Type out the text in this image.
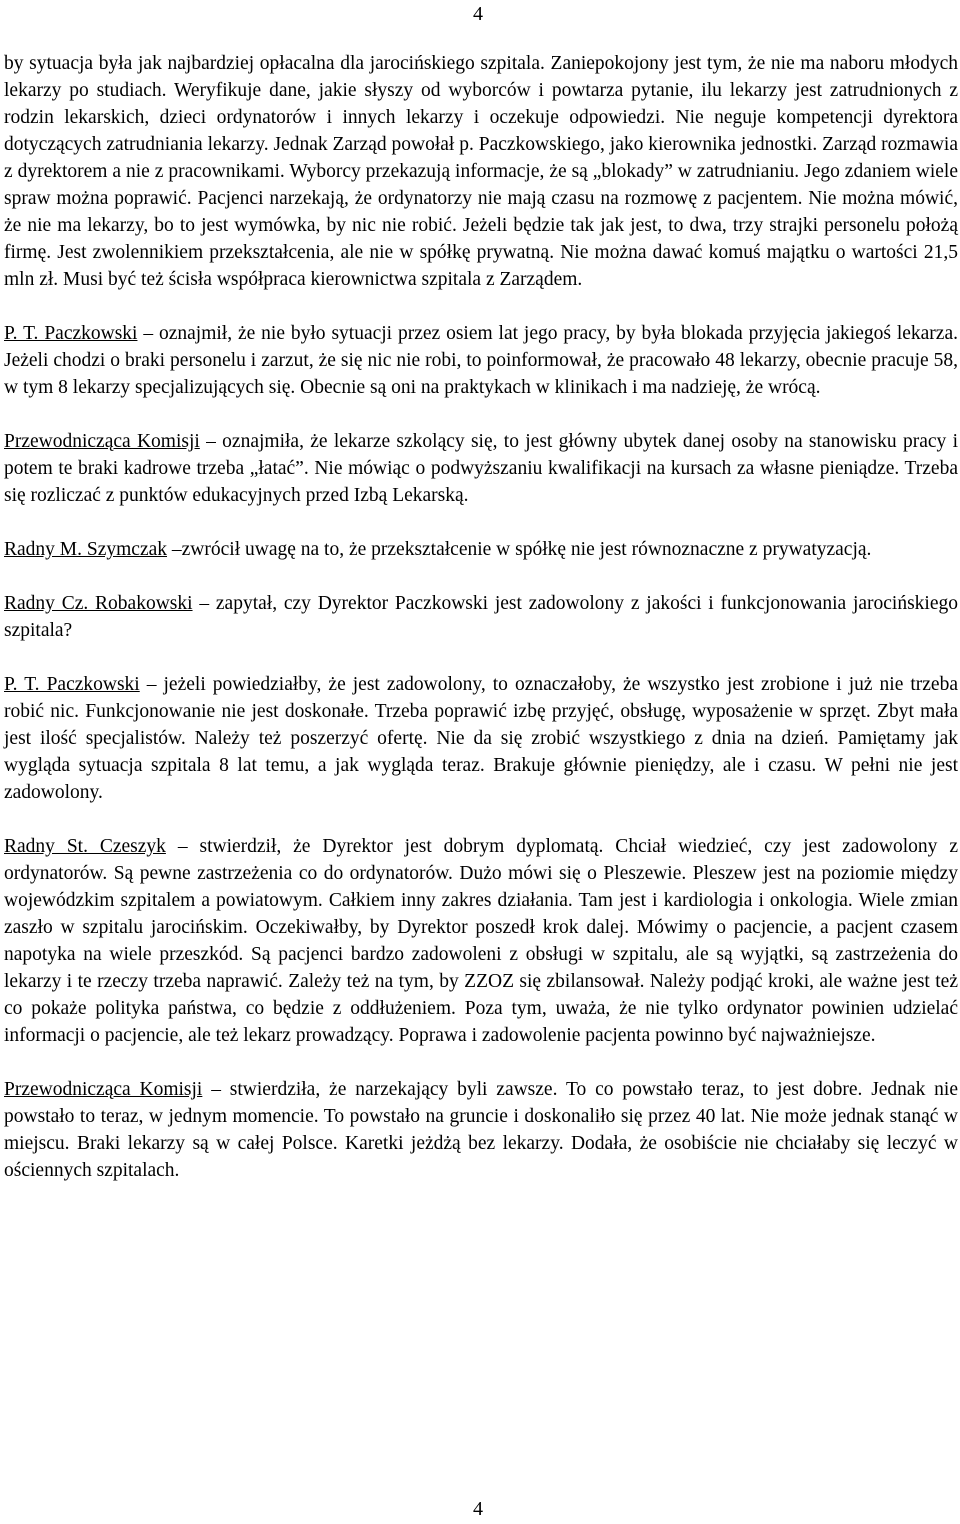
4

by sytuacja była jak najbardziej opłacalna dla jarocińskiego szpitala. Zaniepokojony jest tym, że nie ma naboru młodych lekarzy po studiach. Weryfikuje dane, jakie słyszy od wyborców i powtarza pytanie, ilu lekarzy jest zatrudnionych z rodzin lekarskich, dzieci ordynatorów i innych lekarzy i oczekuje odpowiedzi. Nie neguje kompetencji dyrektora dotyczących zatrudniania lekarzy. Jednak Zarząd powołał p. Paczkowskiego, jako kierownika jednostki. Zarząd rozmawia z dyrektorem a nie z pracownikami. Wyborcy przekazują informacje, że są „blokady” w zatrudnianiu. Jego zdaniem wiele spraw można poprawić. Pacjenci narzekają, że ordynatorzy nie mają czasu na rozmowę z pacjentem. Nie można mówić, że nie ma lekarzy, bo to jest wymówka, by nic nie robić. Jeżeli będzie tak jak jest, to dwa, trzy strajki personelu położą firmę. Jest zwolennikiem przekształcenia, ale nie w spółkę prywatną. Nie można dawać komuś majątku o wartości 21,5 mln zł. Musi być też ścisła współpraca kierownictwa szpitala z Zarządem.

P. T. Paczkowski – oznajmił, że nie było sytuacji przez osiem lat jego pracy, by była blokada przyjęcia jakiegoś lekarza. Jeżeli chodzi o braki personelu i zarzut, że się nic nie robi, to poinformował, że pracowało 48 lekarzy, obecnie pracuje 58, w tym 8 lekarzy specjalizujących się. Obecnie są oni na praktykach w klinikach i ma nadzieję, że wrócą.

Przewodnicząca Komisji – oznajmiła, że lekarze szkolący się, to jest główny ubytek danej osoby na stanowisku pracy i potem te braki kadrowe trzeba „łatać”. Nie mówiąc o podwyższaniu kwalifikacji na kursach za własne pieniądze. Trzeba się rozliczać z punktów edukacyjnych przed Izbą Lekarską.

Radny M. Szymczak –zwrócił uwagę na to, że przekształcenie w spółkę nie jest równoznaczne z prywatyzacją.

Radny Cz. Robakowski – zapytał, czy Dyrektor Paczkowski jest zadowolony z jakości i funkcjonowania jarocińskiego szpitala?

P. T. Paczkowski – jeżeli powiedziałby, że jest zadowolony, to oznaczałoby, że wszystko jest zrobione i już nie trzeba robić nic. Funkcjonowanie nie jest doskonałe. Trzeba poprawić izbę przyjęć, obsługę, wyposażenie w sprzęt. Zbyt mała jest ilość specjalistów. Należy też poszerzyć ofertę. Nie da się zrobić wszystkiego z dnia na dzień. Pamiętamy jak wygląda sytuacja szpitala 8 lat temu, a jak wygląda teraz. Brakuje głównie pieniędzy, ale i czasu. W pełni nie jest zadowolony.

Radny St. Czeszyk – stwierdził, że Dyrektor jest dobrym dyplomatą. Chciał wiedzieć, czy jest zadowolony z ordynatorów. Są pewne zastrzeżenia co do ordynatorów. Dużo mówi się o Pleszewie. Pleszew jest na poziomie między wojewódzkim szpitalem a powiatowym. Całkiem inny zakres działania. Tam jest i kardiologia i onkologia. Wiele zmian zaszło w szpitalu jarocińskim. Oczekiwałby, by Dyrektor poszedł krok dalej. Mówimy o pacjencie, a pacjent czasem napotyka na wiele przeszkód. Są pacjenci bardzo zadowoleni z obsługi w szpitalu, ale są wyjątki, są zastrzeżenia do lekarzy i te rzeczy trzeba naprawić. Zależy też na tym, by ZZOZ się zbilansował. Należy podjąć kroki, ale ważne jest też co pokaże polityka państwa, co będzie z oddłużeniem. Poza tym, uważa, że nie tylko ordynator powinien udzielać informacji o pacjencie, ale też lekarz prowadzący. Poprawa i zadowolenie pacjenta powinno być najważniejsze.

Przewodnicząca Komisji – stwierdziła, że narzekający byli zawsze. To co powstało teraz, to jest dobre. Jednak nie powstało to teraz, w jednym momencie. To powstało na gruncie i doskonaliło się przez 40 lat. Nie może jednak stanąć w miejscu. Braki lekarzy są w całej Polsce. Karetki jeżdżą bez lekarzy. Dodała, że osobiście nie chciałaby się leczyć w ościennych szpitalach.

4
